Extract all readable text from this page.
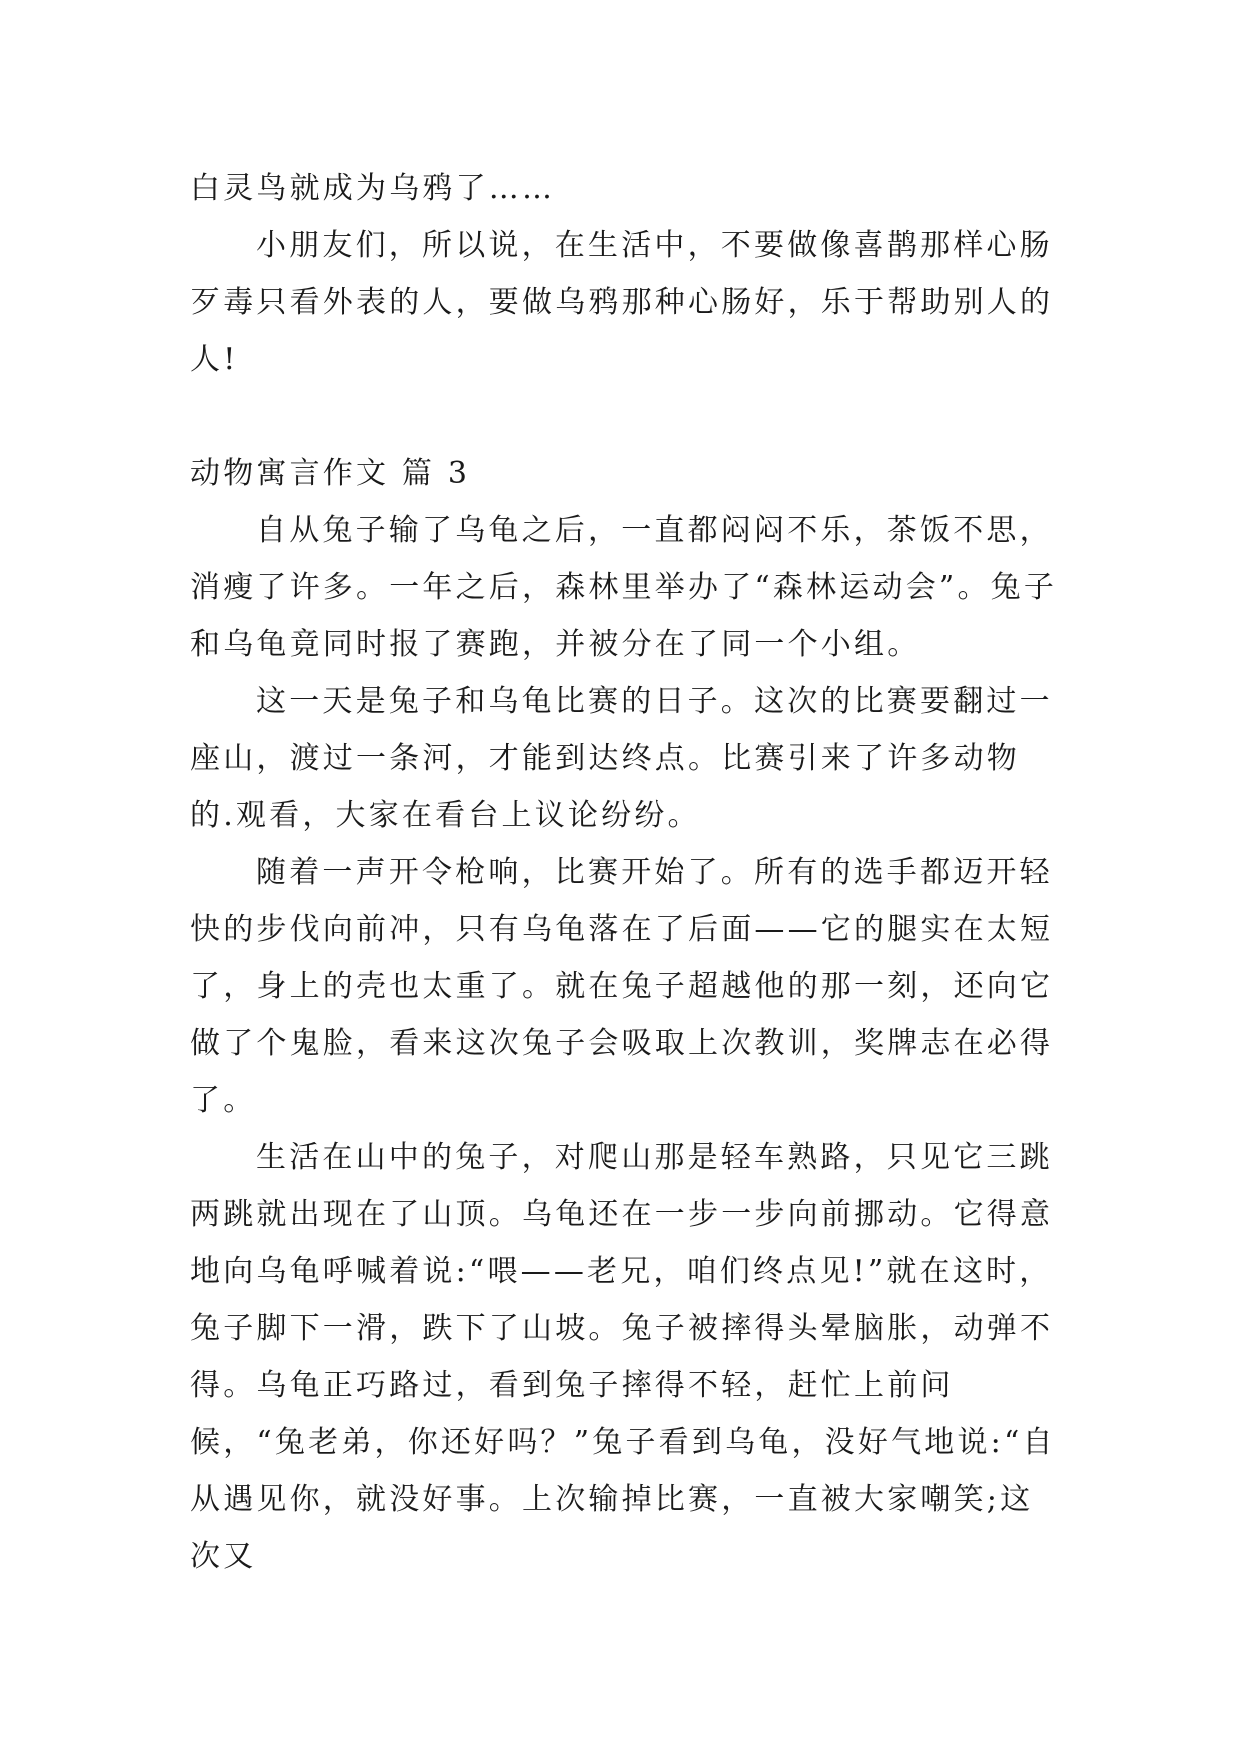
白灵鸟就成为乌鸦了……

小朋友们，所以说，在生活中，不要做像喜鹊那样心肠歹毒只看外表的人，要做乌鸦那种心肠好，乐于帮助别人的人!

动物寓言作文 篇 3

自从兔子输了乌龟之后，一直都闷闷不乐，茶饭不思，消瘦了许多。一年之后，森林里举办了“森林运动会”。兔子和乌龟竟同时报了赛跑，并被分在了同一个小组。

这一天是兔子和乌龟比赛的日子。这次的比赛要翻过一座山，渡过一条河，才能到达终点。比赛引来了许多动物的.观看，大家在看台上议论纷纷。

随着一声开令枪响，比赛开始了。所有的选手都迈开轻快的步伐向前冲，只有乌龟落在了后面——它的腿实在太短了，身上的壳也太重了。就在兔子超越他的那一刻，还向它做了个鬼脸，看来这次兔子会吸取上次教训，奖牌志在必得了。

生活在山中的兔子，对爬山那是轻车熟路，只见它三跳两跳就出现在了山顶。乌龟还在一步一步向前挪动。它得意地向乌龟呼喊着说:“喂——老兄，咱们终点见!”就在这时，兔子脚下一滑，跌下了山坡。兔子被摔得头晕脑胀，动弹不得。乌龟正巧路过，看到兔子摔得不轻，赶忙上前问候，“兔老弟，你还好吗？”兔子看到乌龟，没好气地说:“自从遇见你，就没好事。上次输掉比赛，一直被大家嘲笑;这次又
